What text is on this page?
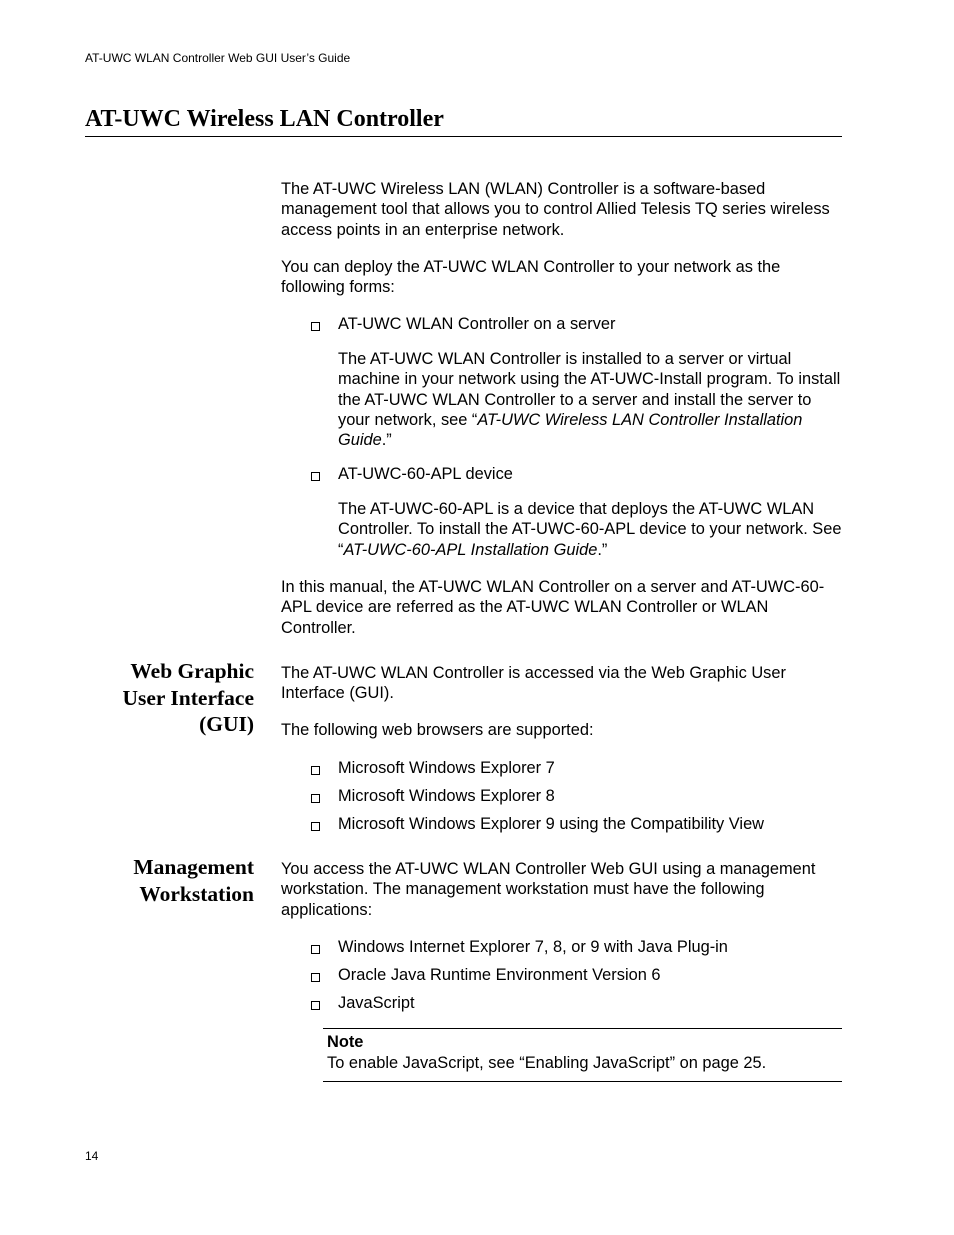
AT-UWC WLAN Controller Web GUI User’s Guide
AT-UWC Wireless LAN Controller

The AT-UWC Wireless LAN (WLAN) Controller is a software-based management tool that allows you to control Allied Telesis TQ series wireless access points in an enterprise network.

You can deploy the AT-UWC WLAN Controller to your network as the following forms:

AT-UWC WLAN Controller on a server

The AT-UWC WLAN Controller is installed to a server or virtual machine in your network using the AT-UWC-Install program. To install the AT-UWC WLAN Controller to a server and install the server to your network, see “AT-UWC Wireless LAN Controller Installation Guide.”

AT-UWC-60-APL device

The AT-UWC-60-APL is a device that deploys the AT-UWC WLAN Controller. To install the AT-UWC-60-APL device to your network. See “AT-UWC-60-APL Installation Guide.”

In this manual, the AT-UWC WLAN Controller on a server and AT-UWC-60-APL device are referred as the AT-UWC WLAN Controller or WLAN Controller.

Web Graphic
User Interface
(GUI)

The AT-UWC WLAN Controller is accessed via the Web Graphic User Interface (GUI).

The following web browsers are supported:

Microsoft Windows Explorer 7
Microsoft Windows Explorer 8
Microsoft Windows Explorer 9 using the Compatibility View
Management
Workstation

You access the AT-UWC WLAN Controller Web GUI using a management workstation. The management workstation must have the following applications:

Windows Internet Explorer 7, 8, or 9 with Java Plug-in
Oracle Java Runtime Environment Version 6
JavaScript
Note
To enable JavaScript, see “Enabling JavaScript” on page 25.
14
